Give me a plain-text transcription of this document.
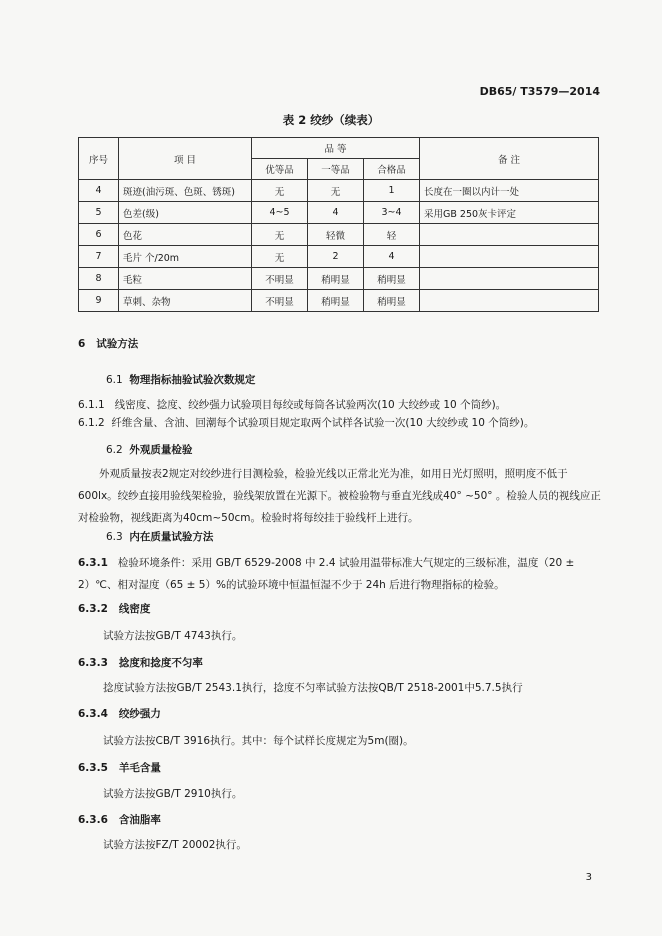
DB65/ T3579—2014
表 2 绞纱（续表）
序号	项 目	品 等			备 注
		优等品	一等品	合格品	
4	斑迹(油污斑、色斑、锈斑)	无	无	1	长度在一圈以内计一处
5	色差(级)	4~5	4	3~4	采用GB 250灰卡评定
6	色花	无	轻微	轻	
7	毛片 个/20m	无	2	4	
8	毛粒	不明显	稍明显	稍明显	
9	草刺、杂物	不明显	稍明显	稍明显	
6 试验方法
6.1 物理指标抽验试验次数规定
6.1.1 线密度、捻度、绞纱强力试验项目每绞或每筒各试验两次(10 大绞纱或 10 个筒纱)。
6.1.2 纤维含量、含油、回潮每个试验项目规定取两个试样各试验一次(10 大绞纱或 10 个筒纱)。
6.2 外观质量检验
外观质量按表2规定对绞纱进行目测检验，检验光线以正常北光为准，如用日光灯照明，照明度不低于600lx。绞纱直接用验线架检验，验线架放置在光源下。被检验物与垂直光线成40° ~50° 。检验人员的视线应正对检验物，视线距离为40cm~50cm。检验时将每绞挂于验线杆上进行。
6.3 内在质量试验方法
6.3.1 检验环境条件：采用 GB/T 6529-2008 中 2.4 试验用温带标准大气规定的三级标准，温度（20 ± 2）℃、相对湿度（65 ± 5）%的试验环境中恒温恒湿不少于 24h 后进行物理指标的检验。
6.3.2 线密度
试验方法按GB/T 4743执行。
6.3.3 捻度和捻度不匀率
捻度试验方法按GB/T 2543.1执行，捻度不匀率试验方法按QB/T 2518-2001中5.7.5执行
6.3.4 绞纱强力
试验方法按CB/T 3916执行。其中：每个试样长度规定为5m(圈)。
6.3.5 羊毛含量
试验方法按GB/T 2910执行。
6.3.6 含油脂率
试验方法按FZ/T 20002执行。
3
